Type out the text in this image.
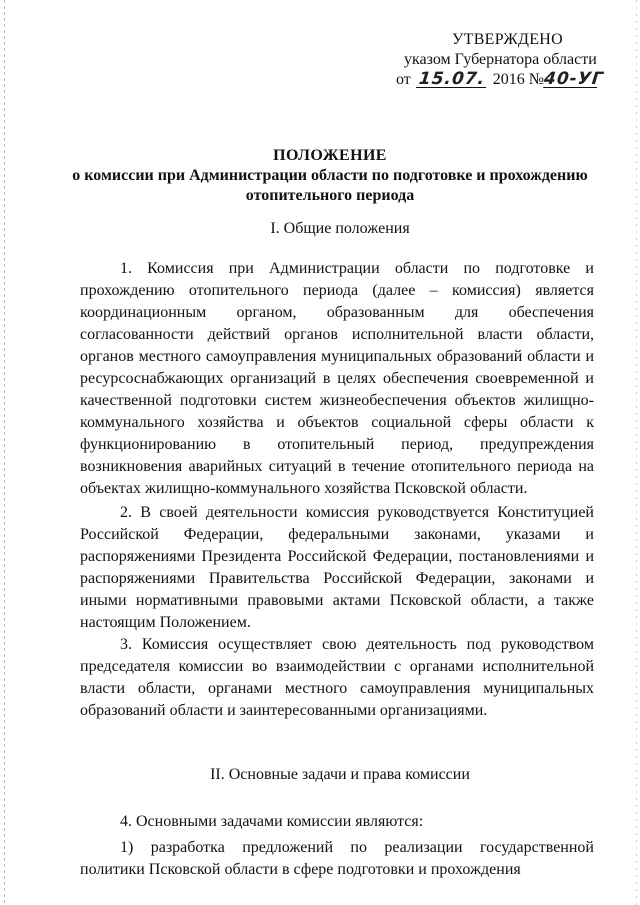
УТВЕРЖДЕНО
указом Губернатора области
от 15.07. 2016 №40-УГ
ПОЛОЖЕНИЕ
о комиссии при Администрации области по подготовке и прохождению
отопительного периода
I. Общие положения
1. Комиссия при Администрации области по подготовке и прохождению отопительного периода (далее – комиссия) является координационным органом, образованным для обеспечения согласованности действий органов исполнительной власти области, органов местного самоуправления муниципальных образований области и ресурсоснабжающих организаций в целях обеспечения своевременной и качественной подготовки систем жизнеобеспечения объектов жилищно-коммунального хозяйства и объектов социальной сферы области к функционированию в отопительный период, предупреждения возникновения аварийных ситуаций в течение отопительного периода на объектах жилищно-коммунального хозяйства Псковской области.
2. В своей деятельности комиссия руководствуется Конституцией Российской Федерации, федеральными законами, указами и распоряжениями Президента Российской Федерации, постановлениями и распоряжениями Правительства Российской Федерации, законами и иными нормативными правовыми актами Псковской области, а также настоящим Положением.
3. Комиссия осуществляет свою деятельность под руководством председателя комиссии во взаимодействии с органами исполнительной власти области, органами местного самоуправления муниципальных образований области и заинтересованными организациями.
II. Основные задачи и права комиссии
4. Основными задачами комиссии являются:
1) разработка предложений по реализации государственной политики Псковской области в сфере подготовки и прохождения
